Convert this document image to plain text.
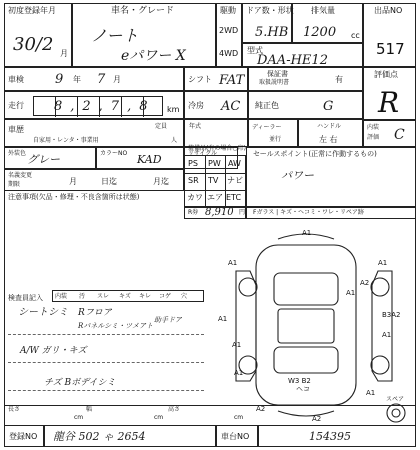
初度登録年月
30/2 月
車名・グレード
ノート
eパワー X
駆動
2WD
4WD
ドア数・形状
5.HB
排気量
1200 cc
型式
DAA-HE12
出品NO
517
車検 9 年 7 月	シフト FAT	保証書
取扱説明書	有
評価点
R
走行 8,2,7,8 km 冷房 AC 純正色	G
車歴
自家用・レンタ・事業用
定員
人
年式	ディーラー
並行
ハンドル
左 右
内装
評価 C
外装色 グレー	カラーNO KAD	リサイクル
名義変更
期限	月	日迄	月迄
装備品(有の場合○印)
PS PW AW
SR TV ナビ
カワ エア ETC
R券 8,910 円
セールスポイント(正常に作動するもの)
パワー
Fガラス | キズ・ヘコミ・ワレ・リペア跡
注意事項(欠品・修理・不良含箇所は状態)
検査員記入 内装 汚 スレ キズ キレ コゲ 穴
シートシミ Rフロア
Rパネルシミ・ツメアト
助手ドア
A/W ガリ・キズ
チズ Bボデイシミ
長さ
cm
幅
cm
高さ
cm
A1
A1	A1
A1
A1
A2
A1
B3A2
A1
A1
W3 B2
ヘコ
A2
A1
A2
スペア
登録NO 龍谷 502 ゃ 2654	車台NO	154395
